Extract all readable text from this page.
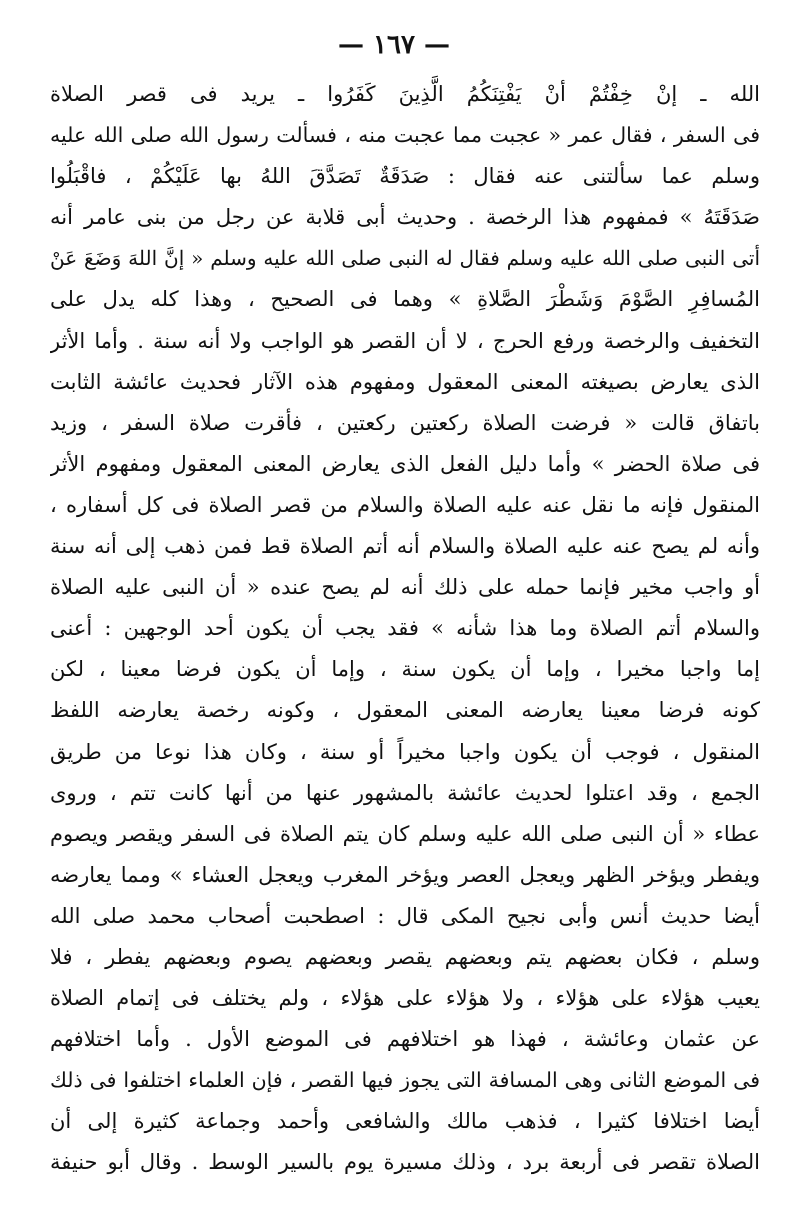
— ١٦٧ —
الله ـ إنْ خِفْتُمْ أنْ يَفْتِنَكُمُ الَّذِينَ كَفَرُوا ـ يريد فى قصر الصلاة
فى السفر ، فقال عمر « عجبت مما عجبت منه ، فسألت رسول الله صلى الله عليه
وسلم عما سألتنى عنه فقال : صَدَقَةٌ تَصَدَّقَ اللهُ بها عَلَيْكُمْ ، فاقْبَلُوا
صَدَقَتَهُ » فمفهوم هذا الرخصة . وحديث أبى قلابة عن رجل من بنى عامر أنه
أتى النبى صلى الله عليه وسلم فقال له النبى صلى الله عليه وسلم « إنَّ اللهَ وَضَعَ عَنْ
المُسافِرِ الصَّوْمَ وَشَطْرَ الصَّلاةِ » وهما فى الصحيح ، وهذا كله يدل على
التخفيف والرخصة ورفع الحرج ، لا أن القصر هو الواجب ولا أنه سنة . وأما الأثر
الذى يعارض بصيغته المعنى المعقول ومفهوم هذه الآثار فحديث عائشة الثابت
باتفاق قالت « فرضت الصلاة ركعتين ركعتين ، فأقرت صلاة السفر ، وزيد
فى صلاة الحضر » وأما دليل الفعل الذى يعارض المعنى المعقول ومفهوم الأثر
المنقول فإنه ما نقل عنه عليه الصلاة والسلام من قصر الصلاة فى كل أسفاره ،
وأنه لم يصح عنه عليه الصلاة والسلام أنه أتم الصلاة قط فمن ذهب إلى أنه سنة
أو واجب مخير فإنما حمله على ذلك أنه لم يصح عنده « أن النبى عليه الصلاة
والسلام أتم الصلاة وما هذا شأنه » فقد يجب أن يكون أحد الوجهين : أعنى
إما واجبا مخيرا ، وإما أن يكون سنة ، وإما أن يكون فرضا معينا ، لكن
كونه فرضا معينا يعارضه المعنى المعقول ، وكونه رخصة يعارضه اللفظ
المنقول ، فوجب أن يكون واجبا مخيراً أو سنة ، وكان هذا نوعا من طريق
الجمع ، وقد اعتلوا لحديث عائشة بالمشهور عنها من أنها كانت تتم ، وروى
عطاء « أن النبى صلى الله عليه وسلم كان يتم الصلاة فى السفر ويقصر ويصوم
ويفطر ويؤخر الظهر ويعجل العصر ويؤخر المغرب ويعجل العشاء » ومما يعارضه
أيضا حديث أنس وأبى نجيح المكى قال : اصطحبت أصحاب محمد صلى الله
وسلم ، فكان بعضهم يتم وبعضهم يقصر وبعضهم يصوم وبعضهم يفطر ، فلا
يعيب هؤلاء على هؤلاء ، ولا هؤلاء على هؤلاء ، ولم يختلف فى إتمام الصلاة
عن عثمان وعائشة ، فهذا هو اختلافهم فى الموضع الأول . وأما اختلافهم
فى الموضع الثانى وهى المسافة التى يجوز فيها القصر ، فإن العلماء اختلفوا فى ذلك
أيضا اختلافا كثيرا ، فذهب مالك والشافعى وأحمد وجماعة كثيرة إلى أن
الصلاة تقصر فى أربعة برد ، وذلك مسيرة يوم بالسير الوسط . وقال أبو حنيفة
